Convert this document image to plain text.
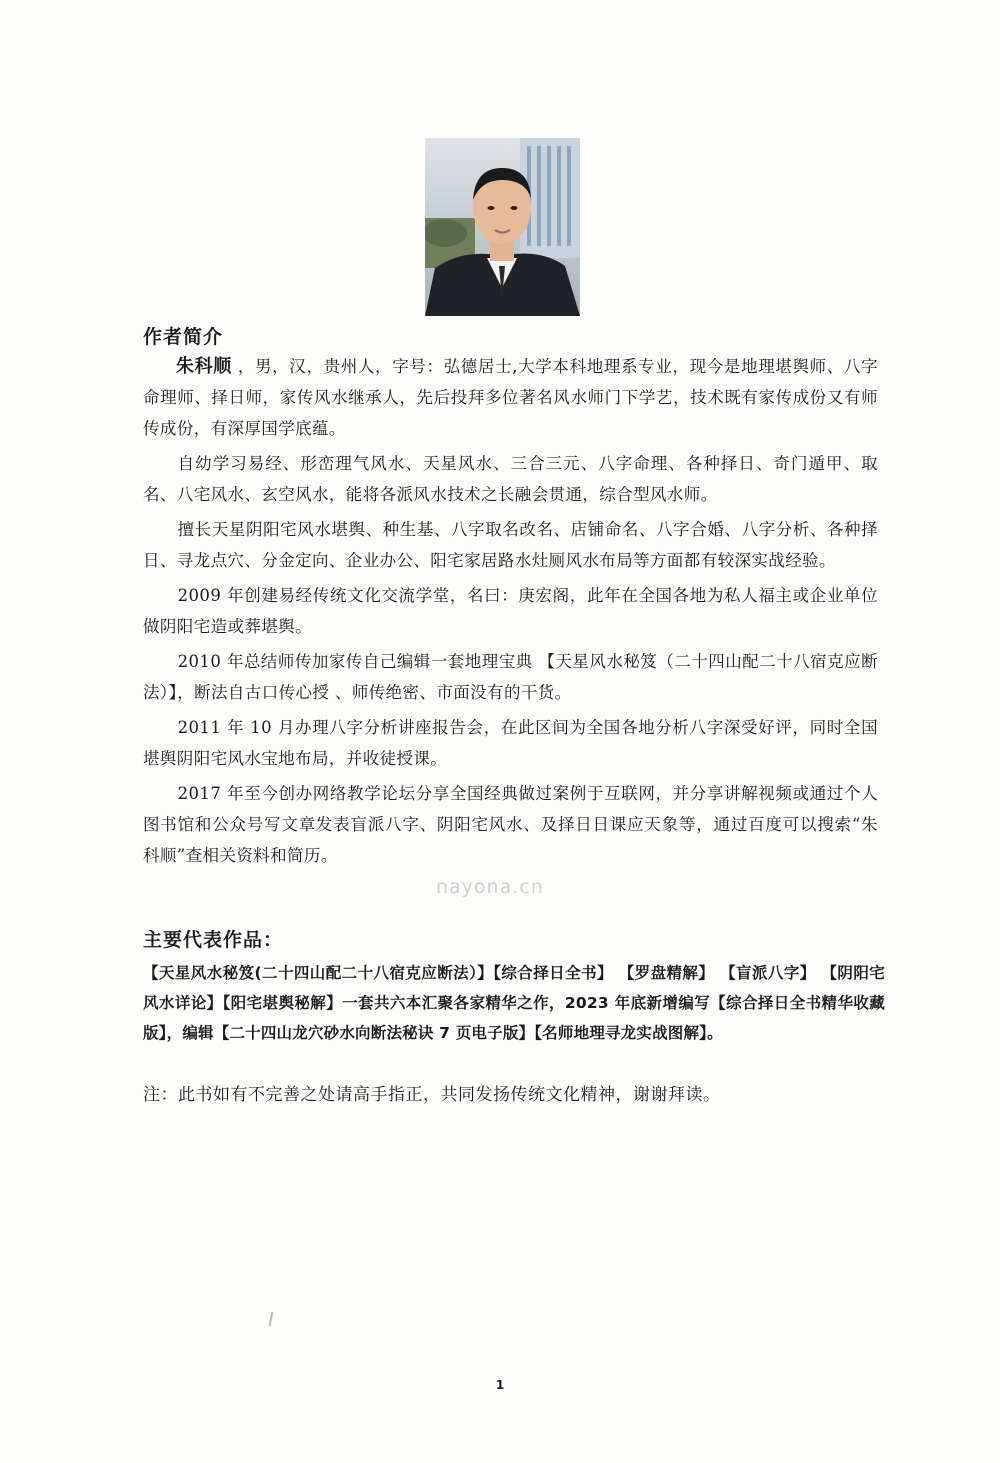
作者简介

朱科顺 ，男，汉，贵州人，字号：弘德居士,大学本科地理系专业，现今是地理堪舆师、八字命理师、择日师，家传风水继承人，先后投拜多位著名风水师门下学艺，技术既有家传成份又有师传成份，有深厚国学底蕴。

自幼学习易经、形峦理气风水、天星风水、三合三元、八字命理、各种择日、奇门遁甲、取名、八宅风水、玄空风水，能将各派风水技术之长融会贯通，综合型风水师。

擅长天星阴阳宅风水堪舆、种生基、八字取名改名、店铺命名、八字合婚、八字分析、各种择日、寻龙点穴、分金定向、企业办公、阳宅家居路水灶厕风水布局等方面都有较深实战经验。

2009 年创建易经传统文化交流学堂，名曰：庚宏阁，此年在全国各地为私人福主或企业单位做阴阳宅造或葬堪舆。

2010 年总结师传加家传自己编辑一套地理宝典 【天星风水秘笈（二十四山配二十八宿克应断法）】，断法自古口传心授 、师传绝密、市面没有的干货。

2011 年 10 月办理八字分析讲座报告会，在此区间为全国各地分析八字深受好评，同时全国堪舆阴阳宅风水宝地布局，并收徒授课。

2017 年至今创办网络教学论坛分享全国经典做过案例于互联网，并分享讲解视频或通过个人图书馆和公众号写文章发表盲派八字、阴阳宅风水、及择日日课应天象等，通过百度可以搜索“朱科顺”查相关资料和简历。

nayona.cn
主要代表作品：
【天星风水秘笈(二十四山配二十八宿克应断法）】【综合择日全书】 【罗盘精解】 【盲派八字】 【阴阳宅风水详论】【阳宅堪舆秘解】一套共六本汇聚各家精华之作，2023 年底新增编写【综合择日全书精华收藏版】，编辑【二十四山龙穴砂水向断法秘诀 7 页电子版】【名师地理寻龙实战图解】。
注：此书如有不完善之处请高手指正，共同发扬传统文化精神，谢谢拜读。
1
